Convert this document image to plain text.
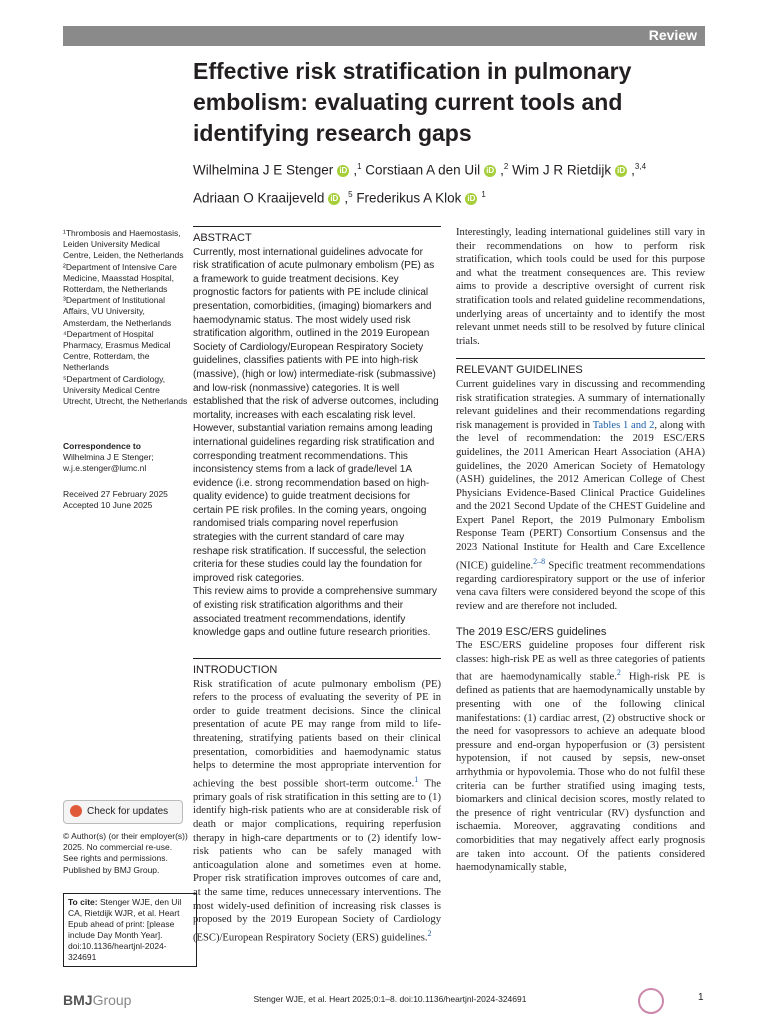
Review
Effective risk stratification in pulmonary embolism: evaluating current tools and identifying research gaps
Wilhelmina J E Stenger iD ,$^1$ Corstiaan A den Uil iD ,$^2$ Wim J R Rietdijk iD ,$^{3,4}$
Adriaan O Kraaijeveld iD ,$^5$ Frederikus A Klok iD $^1$
¹Thrombosis and Haemostasis, Leiden University Medical Centre, Leiden, the Netherlands
²Department of Intensive Care Medicine, Maasstad Hospital, Rotterdam, the Netherlands
³Department of Institutional Affairs, VU University, Amsterdam, the Netherlands
⁴Department of Hospital Pharmacy, Erasmus Medical Centre, Rotterdam, the Netherlands
⁵Department of Cardiology, University Medical Centre Utrecht, Utrecht, the Netherlands
Correspondence to
Wilhelmina J E Stenger;
w.j.e.stenger@lumc.nl
Received 27 February 2025
Accepted 10 June 2025
Check for updates
© Author(s) (or their employer(s)) 2025. No commercial re-use. See rights and permissions. Published by BMJ Group.
To cite: Stenger WJE, den Uil CA, Rietdijk WJR, et al. Heart Epub ahead of print: [please include Day Month Year]. doi:10.1136/heartjnl-2024-324691
ABSTRACT
Currently, most international guidelines advocate for risk stratification of acute pulmonary embolism (PE) as a framework to guide treatment decisions. Key prognostic factors for patients with PE include clinical presentation, comorbidities, (imaging) biomarkers and haemodynamic status. The most widely used risk stratification algorithm, outlined in the 2019 European Society of Cardiology/European Respiratory Society guidelines, classifies patients with PE into high-risk (massive), (high or low) intermediate-risk (submassive) and low-risk (nonmassive) categories. It is well established that the risk of adverse outcomes, including mortality, increases with each escalating risk level. However, substantial variation remains among leading international guidelines regarding risk stratification and corresponding treatment recommendations. This inconsistency stems from a lack of grade/level 1A evidence (i.e. strong recommendation based on high-quality evidence) to guide treatment decisions for certain PE risk profiles. In the coming years, ongoing randomised trials comparing novel reperfusion strategies with the current standard of care may reshape risk stratification. If successful, the selection criteria for these studies could lay the foundation for improved risk categories.
This review aims to provide a comprehensive summary of existing risk stratification algorithms and their associated treatment recommendations, identify knowledge gaps and outline future research priorities.
INTRODUCTION
Risk stratification of acute pulmonary embolism (PE) refers to the process of evaluating the severity of PE in order to guide treatment decisions. Since the clinical presentation of acute PE may range from mild to life-threatening, stratifying patients based on their clinical presentation, comorbidities and haemodynamic status helps to determine the most appropriate intervention for achieving the best possible short-term outcome.$^1$ The primary goals of risk stratification in this setting are to (1) identify high-risk patients who are at considerable risk of death or major complications, requiring reperfusion therapy in high-care departments or to (2) identify low-risk patients who can be safely managed with anticoagulation alone and sometimes even at home. Proper risk stratification improves outcomes of care and, at the same time, reduces unnecessary interventions. The most widely-used definition of increasing risk classes is proposed by the 2019 European Society of Cardiology (ESC)/European Respiratory Society (ERS) guidelines.$^2$
Interestingly, leading international guidelines still vary in their recommendations on how to perform risk stratification, which tools could be used for this purpose and what the treatment consequences are. This review aims to provide a descriptive oversight of current risk stratification tools and related guideline recommendations, underlying areas of uncertainty and to identify the most relevant unmet needs still to be resolved by future clinical trials.
RELEVANT GUIDELINES
Current guidelines vary in discussing and recommending risk stratification strategies. A summary of internationally relevant guidelines and their recommendations regarding risk management is provided in Tables 1 and 2, along with the level of recommendation: the 2019 ESC/ERS guidelines, the 2011 American Heart Association (AHA) guidelines, the 2020 American Society of Hematology (ASH) guidelines, the 2012 American College of Chest Physicians Evidence-Based Clinical Practice Guidelines and the 2021 Second Update of the CHEST Guideline and Expert Panel Report, the 2019 Pulmonary Embolism Response Team (PERT) Consortium Consensus and the 2023 National Institute for Health and Care Excellence (NICE) guideline.$^{2-8}$ Specific treatment recommendations regarding cardiorespiratory support or the use of inferior vena cava filters were considered beyond the scope of this review and are therefore not included.
The 2019 ESC/ERS guidelines
The ESC/ERS guideline proposes four different risk classes: high-risk PE as well as three categories of patients that are haemodynamically stable.$^2$ High-risk PE is defined as patients that are haemodynamically unstable by presenting with one of the following clinical manifestations: (1) cardiac arrest, (2) obstructive shock or the need for vasopressors to achieve an adequate blood pressure and end-organ hypoperfusion or (3) persistent hypotension, if not caused by sepsis, new-onset arrhythmia or hypovolemia. Those who do not fulfil these criteria can be further stratified using imaging tests, biomarkers and clinical decision scores, mostly related to the presence of right ventricular (RV) dysfunction and ischaemia. Moreover, aggravating conditions and comorbidities that may negatively affect early prognosis are taken into account. Of the patients considered haemodynamically stable,
BMJGroup	Stenger WJE, et al. Heart 2025;0:1–8. doi:10.1136/heartjnl-2024-324691	1
